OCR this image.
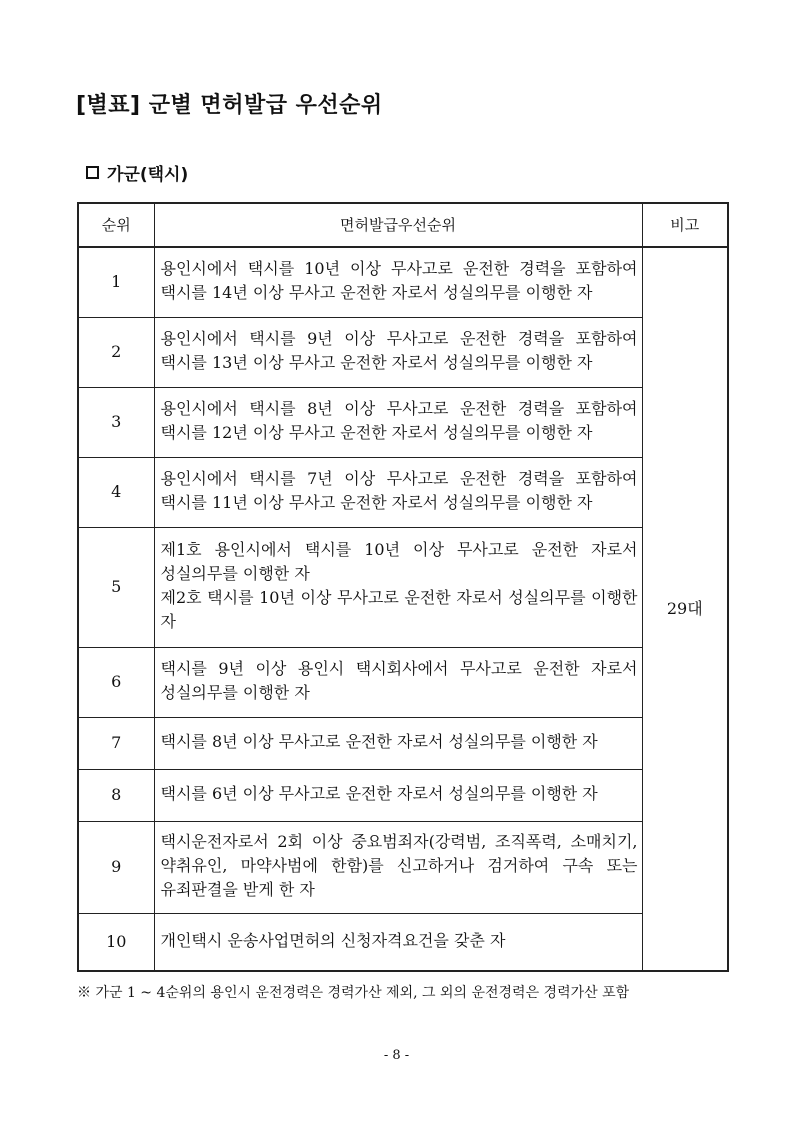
[별표] 군별 면허발급 우선순위
가군(택시)
순위	면허발급우선순위	비고
1	용인시에서 택시를 10년 이상 무사고로 운전한 경력을 포함하여 택시를 14년 이상 무사고 운전한 자로서 성실의무를 이행한 자	29대
2	용인시에서 택시를 9년 이상 무사고로 운전한 경력을 포함하여 택시를 13년 이상 무사고 운전한 자로서 성실의무를 이행한 자	
3	용인시에서 택시를 8년 이상 무사고로 운전한 경력을 포함하여 택시를 12년 이상 무사고 운전한 자로서 성실의무를 이행한 자	
4	용인시에서 택시를 7년 이상 무사고로 운전한 경력을 포함하여 택시를 11년 이상 무사고 운전한 자로서 성실의무를 이행한 자	
5	제1호 용인시에서 택시를 10년 이상 무사고로 운전한 자로서 성실의무를 이행한 자
제2호 택시를 10년 이상 무사고로 운전한 자로서 성실의무를 이행한 자	

6	택시를 9년 이상 용인시 택시회사에서 무사고로 운전한 자로서 성실의무를 이행한 자	
7	택시를 8년 이상 무사고로 운전한 자로서 성실의무를 이행한 자	
8	택시를 6년 이상 무사고로 운전한 자로서 성실의무를 이행한 자	
9	택시운전자로서 2회 이상 중요범죄자(강력범, 조직폭력, 소매치기, 약취유인, 마약사범에 한함)를 신고하거나 검거하여 구속 또는 유죄판결을 받게 한 자	
10	개인택시 운송사업면허의 신청자격요건을 갖춘 자	

※ 가군 1 ~ 4순위의 용인시 운전경력은 경력가산 제외, 그 외의 운전경력은 경력가산 포함

- 8 -
